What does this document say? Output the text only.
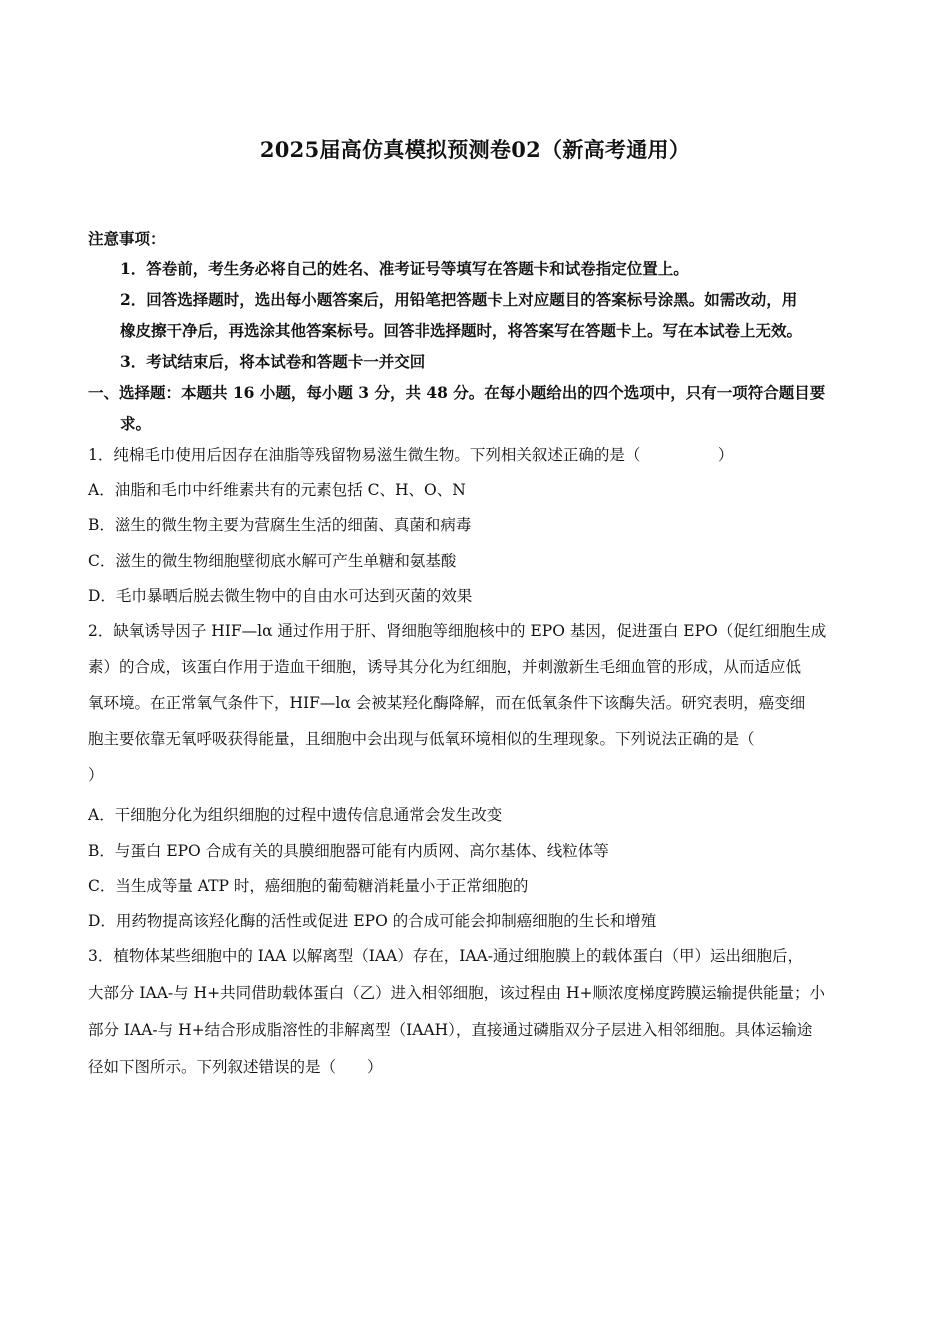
2025届高仿真模拟预测卷02（新高考通用）
注意事项：
1．答卷前，考生务必将自己的姓名、准考证号等填写在答题卡和试卷指定位置上。
2．回答选择题时，选出每小题答案后，用铅笔把答题卡上对应题目的答案标号涂黑。如需改动，用
橡皮擦干净后，再选涂其他答案标号。回答非选择题时，将答案写在答题卡上。写在本试卷上无效。
3．考试结束后，将本试卷和答题卡一并交回
一、选择题：本题共 16 小题，每小题 3 分，共 48 分。在每小题给出的四个选项中，只有一项符合题目要
求。
1．纯棉毛巾使用后因存在油脂等残留物易滋生微生物。下列相关叙述正确的是（　　　　　）
A．油脂和毛巾中纤维素共有的元素包括 C、H、O、N
B．滋生的微生物主要为营腐生生活的细菌、真菌和病毒
C．滋生的微生物细胞壁彻底水解可产生单糖和氨基酸
D．毛巾暴晒后脱去微生物中的自由水可达到灭菌的效果
2．缺氧诱导因子 HIF—lα 通过作用于肝、肾细胞等细胞核中的 EPO 基因，促进蛋白 EPO（促红细胞生成
素）的合成，该蛋白作用于造血干细胞，诱导其分化为红细胞，并刺激新生毛细血管的形成，从而适应低
氧环境。在正常氧气条件下，HIF—lα 会被某羟化酶降解，而在低氧条件下该酶失活。研究表明，癌变细
胞主要依靠无氧呼吸获得能量，且细胞中会出现与低氧环境相似的生理现象。下列说法正确的是（
）
A．干细胞分化为组织细胞的过程中遗传信息通常会发生改变
B．与蛋白 EPO 合成有关的具膜细胞器可能有内质网、高尔基体、线粒体等
C．当生成等量 ATP 时，癌细胞的葡萄糖消耗量小于正常细胞的
D．用药物提高该羟化酶的活性或促进 EPO 的合成可能会抑制癌细胞的生长和增殖
3．植物体某些细胞中的 IAA 以解离型（IAA）存在，IAA-通过细胞膜上的载体蛋白（甲）运出细胞后，
大部分 IAA-与 H+共同借助载体蛋白（乙）进入相邻细胞，该过程由 H+顺浓度梯度跨膜运输提供能量；小
部分 IAA-与 H+结合形成脂溶性的非解离型（IAAH），直接通过磷脂双分子层进入相邻细胞。具体运输途
径如下图所示。下列叙述错误的是（　　）
